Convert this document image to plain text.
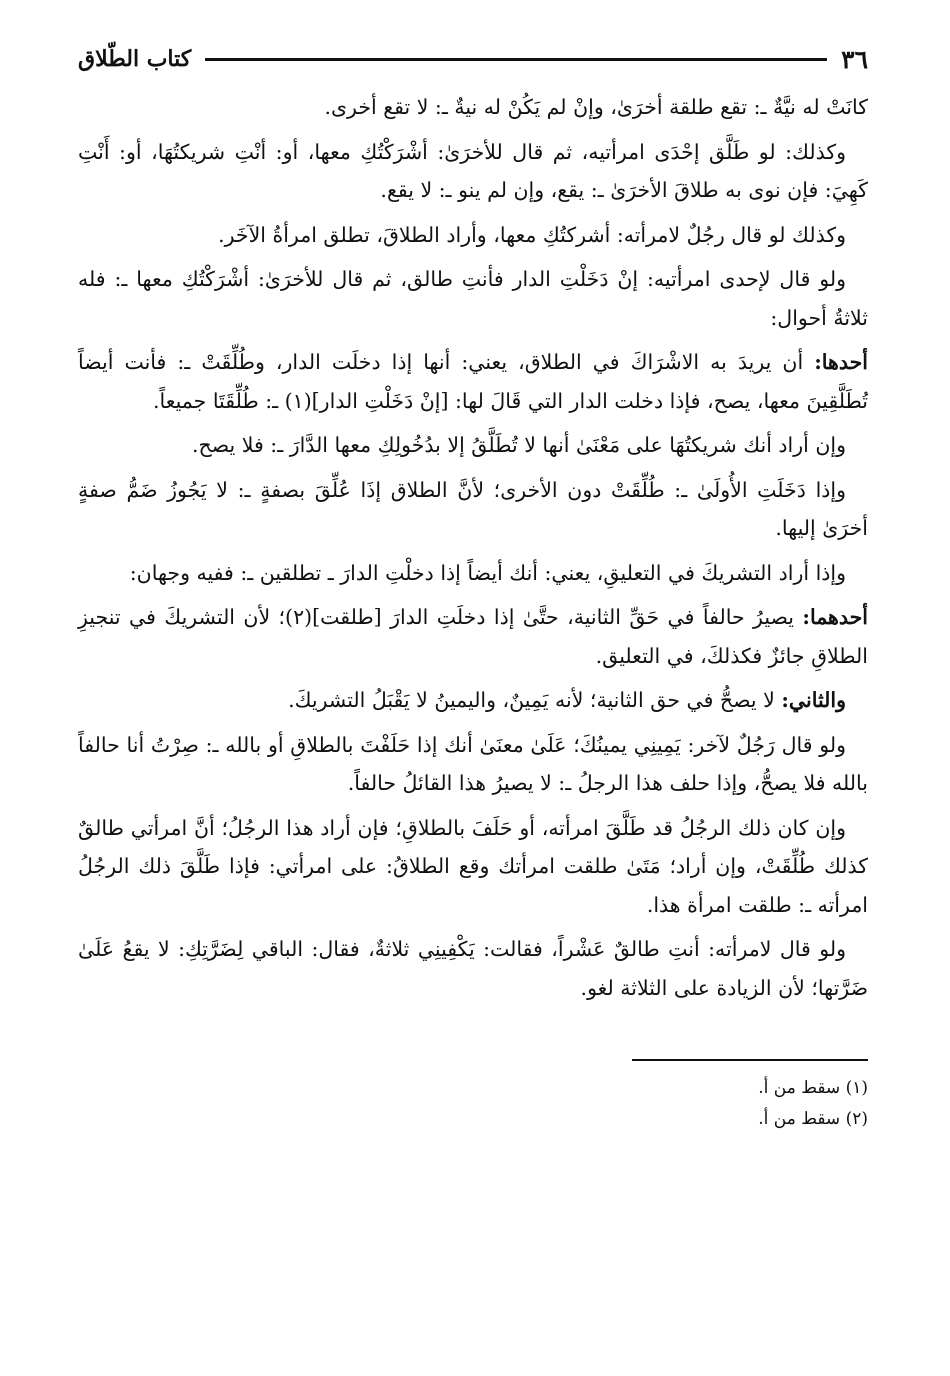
٣٦
كتاب الطّلاق

كانَتْ له نيَّةٌ ـ: تقع طلقة أخرَىٰ، وإنْ لم يَكُنْ له نيةٌ ـ: لا تقع أخرى.

وكذلك: لو طَلَّق إحْدَى امرأتيه، ثم قال للأخرَىٰ: أشْرَكْتُكِ معها، أو: أنْتِ شريكتُهَا، أو: أَنْتِ كَهِيَ: فإن نوى به طلاقَ الأخرَىٰ ـ: يقع، وإن لم ينو ـ: لا يقع.

وكذلك لو قال رجُلٌ لامرأته: أشركتُكِ معها، وأراد الطلاقَ، تطلق امرأةُ الآخَر.

ولو قال لإحدى امرأتيه: إنْ دَخَلْتِ الدار فأنتِ طالق، ثم قال للأخرَىٰ: أشْرَكْتُكِ معها ـ: فله ثلاثةُ أحوال:

أحدها: أن يريدَ به الاشْرَاكَ في الطلاق، يعني: أنها إذا دخلَت الدار، وطُلِّقَتْ ـ: فأنت أيضاً تُطَلَّقِينَ معها، يصح، فإذا دخلت الدار التي قَالَ لها: [إنْ دَخَلْتِ الدار](١) ـ: طُلِّقَتَا جميعاً.

وإن أراد أنك شريكتُهَا على مَعْنَىٰ أنها لا تُطَلَّقُ إلا بدُخُولِكِ معها الدَّارَ ـ: فلا يصح.

وإذا دَخَلَتِ الأُولَىٰ ـ: طُلِّقَتْ دون الأخرى؛ لأنَّ الطلاق إذَا عُلِّقَ بصفةٍ ـ: لا يَجُوزُ ضَمُّ صفةٍ أخرَىٰ إليها.

وإذا أراد التشريكَ في التعليقِ، يعني: أنك أيضاً إذا دخلْتِ الدارَ ـ تطلقين ـ: ففيه وجهان:

أحدهما: يصيرُ حالفاً في حَقِّ الثانية، حتَّىٰ إذا دخلَتِ الدارَ [طلقت](٢)؛ لأن التشريكَ في تنجيزِ الطلاقِ جائزٌ فكذلكَ، في التعليق.

والثاني: لا يصحُّ في حق الثانية؛ لأنه يَمِينٌ، واليمينُ لا يَقْبَلُ التشريكَ.

ولو قال رَجُلٌ لآخر: يَمِينِي يمينُكَ؛ عَلَىٰ معنَىٰ أنك إذا حَلَفْتَ بالطلاقِ أو بالله ـ: صِرْتُ أنا حالفاً بالله فلا يصحُّ، وإذا حلف هذا الرجلُ ـ: لا يصيرُ هذا القائلُ حالفاً.

وإن كان ذلك الرجُلُ قد طَلَّقَ امرأته، أو حَلَفَ بالطلاقِ؛ فإن أراد هذا الرجُلُ؛ أنَّ امرأتي طالقٌ كذلك طُلِّقَتْ، وإن أراد؛ مَتَىٰ طلقت امرأتك وقع الطلاقُ: على امرأتي: فإذا طَلَّقَ ذلك الرجُلُ امرأته ـ: طلقت امرأة هذا.

ولو قال لامرأته: أنتِ طالقٌ عَشْراً، فقالت: يَكْفِينِي ثلاثةٌ، فقال: الباقي لِضَرَّتِكِ: لا يقعُ عَلَىٰ ضَرَّتها؛ لأن الزيادة على الثلاثة لغو.

(١) سقط من أ.
(٢) سقط من أ.
